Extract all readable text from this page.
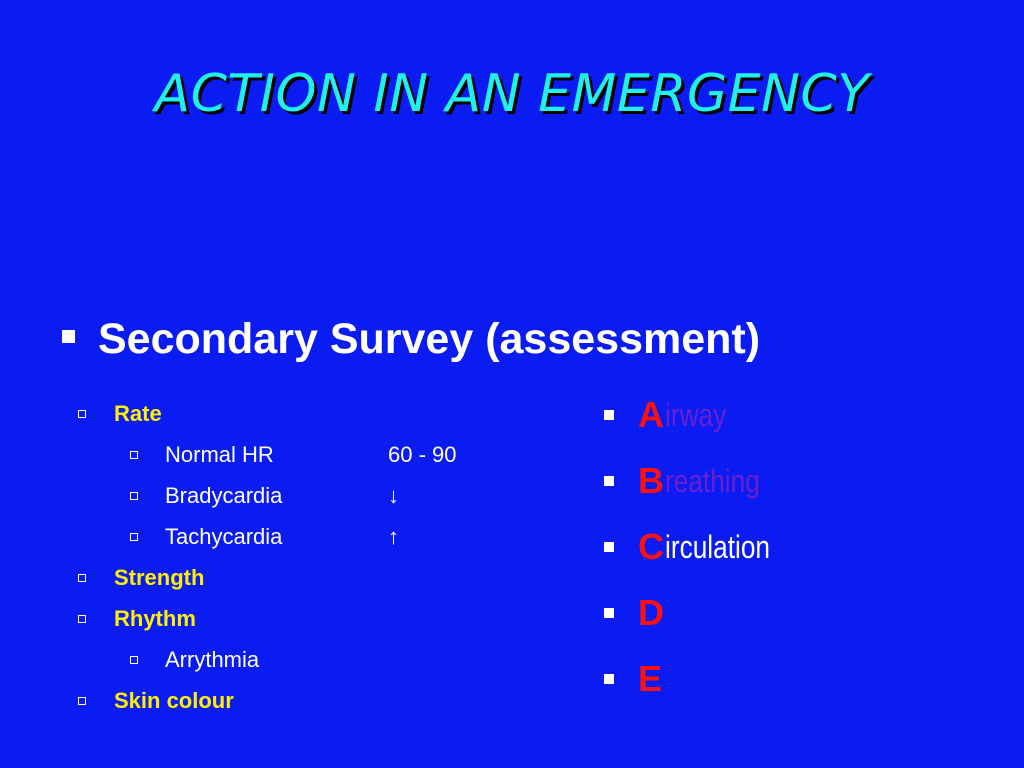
ACTION IN AN EMERGENCY
Secondary Survey (assessment)
Rate
Normal HR	60 - 90
Bradycardia	↓
Tachycardia	↑
Strength
Rhythm
Arrythmia
Skin colour
A irway
B reathing
C irculation
D
E
